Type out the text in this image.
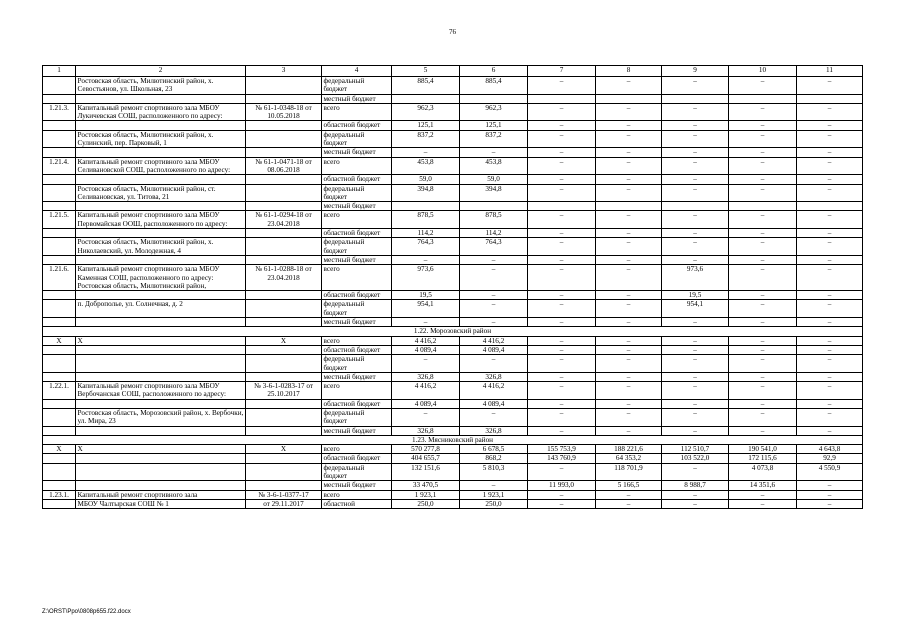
76
1	2	3	4	5	6	7	8	9	10	11
	Ростовская область, Милютинский район, х. Севостьянов, ул. Школьная, 23		федеральный бюджет	885,4	885,4	–	–	–	–	–
			местный бюджет							
1.21.3.	Капитальный ремонт спортивного зала МБОУ Лукичевская СОШ, расположенного по адресу:	№ 61-1-0348-18 от 10.05.2018	всего	962,3	962,3	–	–	–	–	–
			областной бюджет	125,1	125,1	–	–	–	–	–
	Ростовская область, Милютинский район, х. Сулинский, пер. Парковый, 1		федеральный бюджет	837,2	837,2	–	–	–	–	–
			местный бюджет	–	–	–	–	–	–	–
1.21.4.	Капитальный ремонт спортивного зала МБОУ Селивановской СОШ, расположенного по адресу:	№ 61-1-0471-18 от 08.06.2018	всего	453,8	453,8	–	–	–	–	–
			областной бюджет	59,0	59,0	–	–	–	–	–
	Ростовская область, Милютинский район, ст. Селивановская, ул. Титова, 21		федеральный бюджет	394,8	394,8	–	–	–	–	–
			местный бюджет							
1.21.5.	Капитальный ремонт спортивного зала МБОУ Первомайская ООШ, расположенного по адресу:	№ 61-1-0294-18 от 23.04.2018	всего	878,5	878,5	–	–	–	–	–
			областной бюджет	114,2	114,2	–	–	–	–	–
	Ростовская область, Милютинский район, х. Николаевский, ул. Молодежная, 4		федеральный бюджет	764,3	764,3	–	–	–	–	–
			местный бюджет	–	–	–	–	–	–	–
1.21.6.	Капитальный ремонт спортивного зала МБОУ Каменная СОШ, расположенного по адресу: Ростовская область, Милютинский район,	№ 61-1-0288-18 от 23.04.2018	всего	973,6	–	–	–	973,6	–	–
			областной бюджет	19,5	–	–	–	19,5	–	–
	п. Доброполье, ул. Солнечная, д. 2		федеральный бюджет	954,1	–	–	–	954,1	–	–
			местный бюджет	–	–	–	–	–	–	–
1.22. Морозовский район										
Х	Х	Х	всего	4 416,2	4 416,2	–	–	–	–	–
			областной бюджет	4 089,4	4 089,4	–	–	–	–	–
			федеральный бюджет	–	–	–	–	–	–	–
			местный бюджет	326,8	326,8	–	–	–	–	–
1.22.1.	Капитальный ремонт спортивного зала МБОУ Вербочанская СОШ, расположенного по адресу:	№ 3-6-1-0283-17 от 25.10.2017	всего	4 416,2	4 416,2	–	–	–	–	–
			областной бюджет	4 089,4	4 089,4	–	–	–	–	–
	Ростовская область, Морозовский район, х. Вербочки, ул. Мира, 23		федеральный бюджет	–	–	–	–	–	–	–
			местный бюджет	326,8	326,8	–	–	–	–	–
1.23. Мясниковский район										
Х	Х	Х	всего	570 277,8	6 678,5	155 753,9	188 221,6	112 510,7	190 541,0	4 643,8
			областной бюджет	404 655,7	868,2	143 760,9	64 353,2	103 522,0	172 115,6	92,9
			федеральный бюджет	132 151,6	5 810,3	–	118 701,9	–	4 073,8	4 550,9
			местный бюджет	33 470,5	–	11 993,0	5 166,5	8 988,7	14 351,6	–
1.23.1.	Капитальный ремонт спортивного зала	№ 3-6-1-0377-17	всего	1 923,1	1 923,1	–	–	–	–	–
	МБОУ Чалтырская СОШ № 1	от 29.11.2017	областной	250,0	250,0	–	–	–	–	–
Z:\ORST\Ppo\0808p655.f22.docx
